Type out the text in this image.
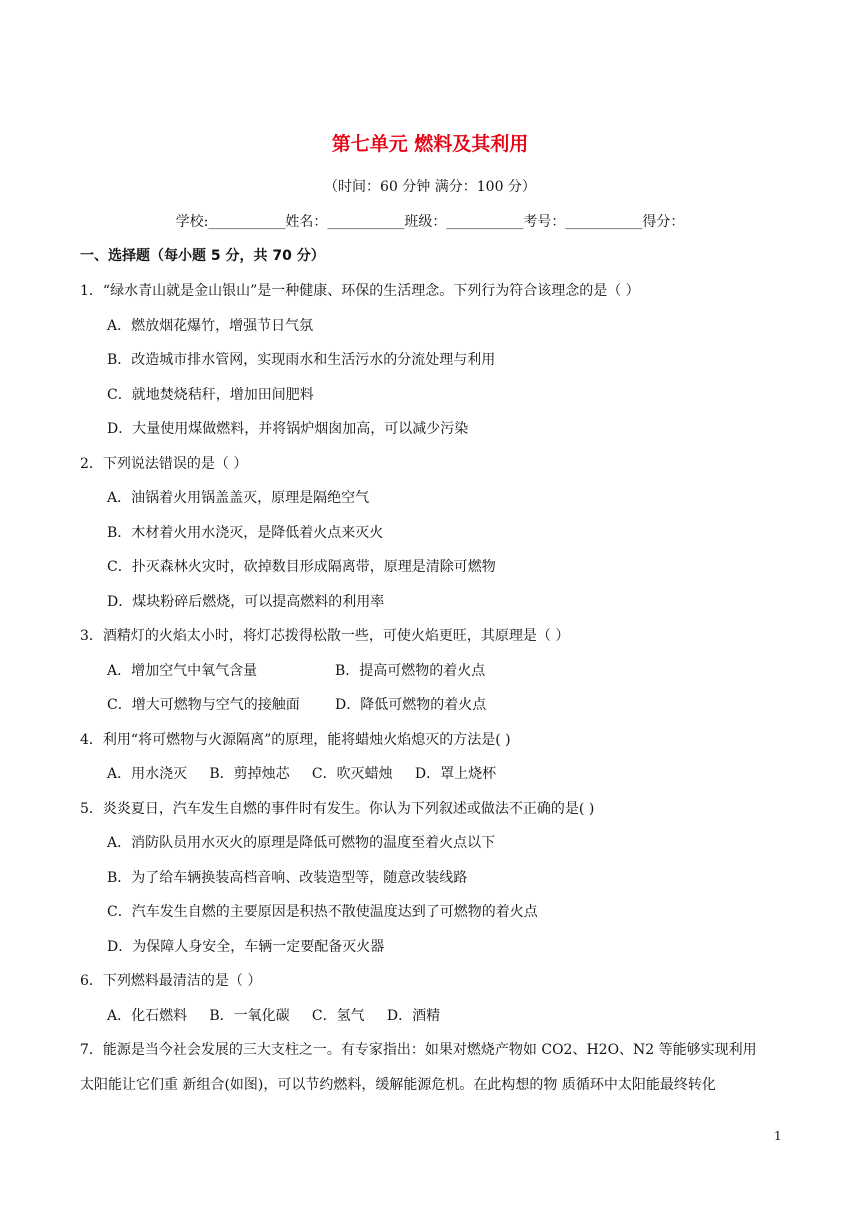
第七单元 燃料及其利用
（时间：60 分钟 满分：100 分）
学校:___________姓名：___________班级：___________考号：___________得分：
一、选择题（每小题 5 分，共 70 分）
1．“绿水青山就是金山银山”是一种健康、环保的生活理念。下列行为符合该理念的是（ ）
A．燃放烟花爆竹，增强节日气氛
B．改造城市排水管网，实现雨水和生活污水的分流处理与利用
C．就地焚烧秸秆，增加田间肥料
D．大量使用煤做燃料，并将锅炉烟囱加高，可以减少污染
2．下列说法错误的是（ ）
A．油锅着火用锅盖盖灭，原理是隔绝空气
B．木材着火用水浇灭，是降低着火点来灭火
C．扑灭森林火灾时，砍掉数目形成隔离带，原理是清除可燃物
D．煤块粉碎后燃烧，可以提高燃料的利用率
3．酒精灯的火焰太小时，将灯芯拨得松散一些，可使火焰更旺，其原理是（ ）
A．增加空气中氧气含量	B．提高可燃物的着火点
C．增大可燃物与空气的接触面	D．降低可燃物的着火点
4．利用“将可燃物与火源隔离”的原理，能将蜡烛火焰熄灭的方法是( )
A．用水浇灭     B．剪掉烛芯     C．吹灭蜡烛     D．罩上烧杯
5．炎炎夏日，汽车发生自燃的事件时有发生。你认为下列叙述或做法不正确的是( )
A．消防队员用水灭火的原理是降低可燃物的温度至着火点以下
B．为了给车辆换装高档音响、改装造型等，随意改装线路
C．汽车发生自燃的主要原因是积热不散使温度达到了可燃物的着火点
D．为保障人身安全，车辆一定要配备灭火器
6．下列燃料最清洁的是（ ）
A．化石燃料     B．一氧化碳     C．氢气     D．酒精
7．能源是当今社会发展的三大支柱之一。有专家指出：如果对燃烧产物如 CO2、H2O、N2 等能够实现利用
太阳能让它们重 新组合(如图)，可以节约燃料，缓解能源危机。在此构想的物 质循环中太阳能最终转化
1
